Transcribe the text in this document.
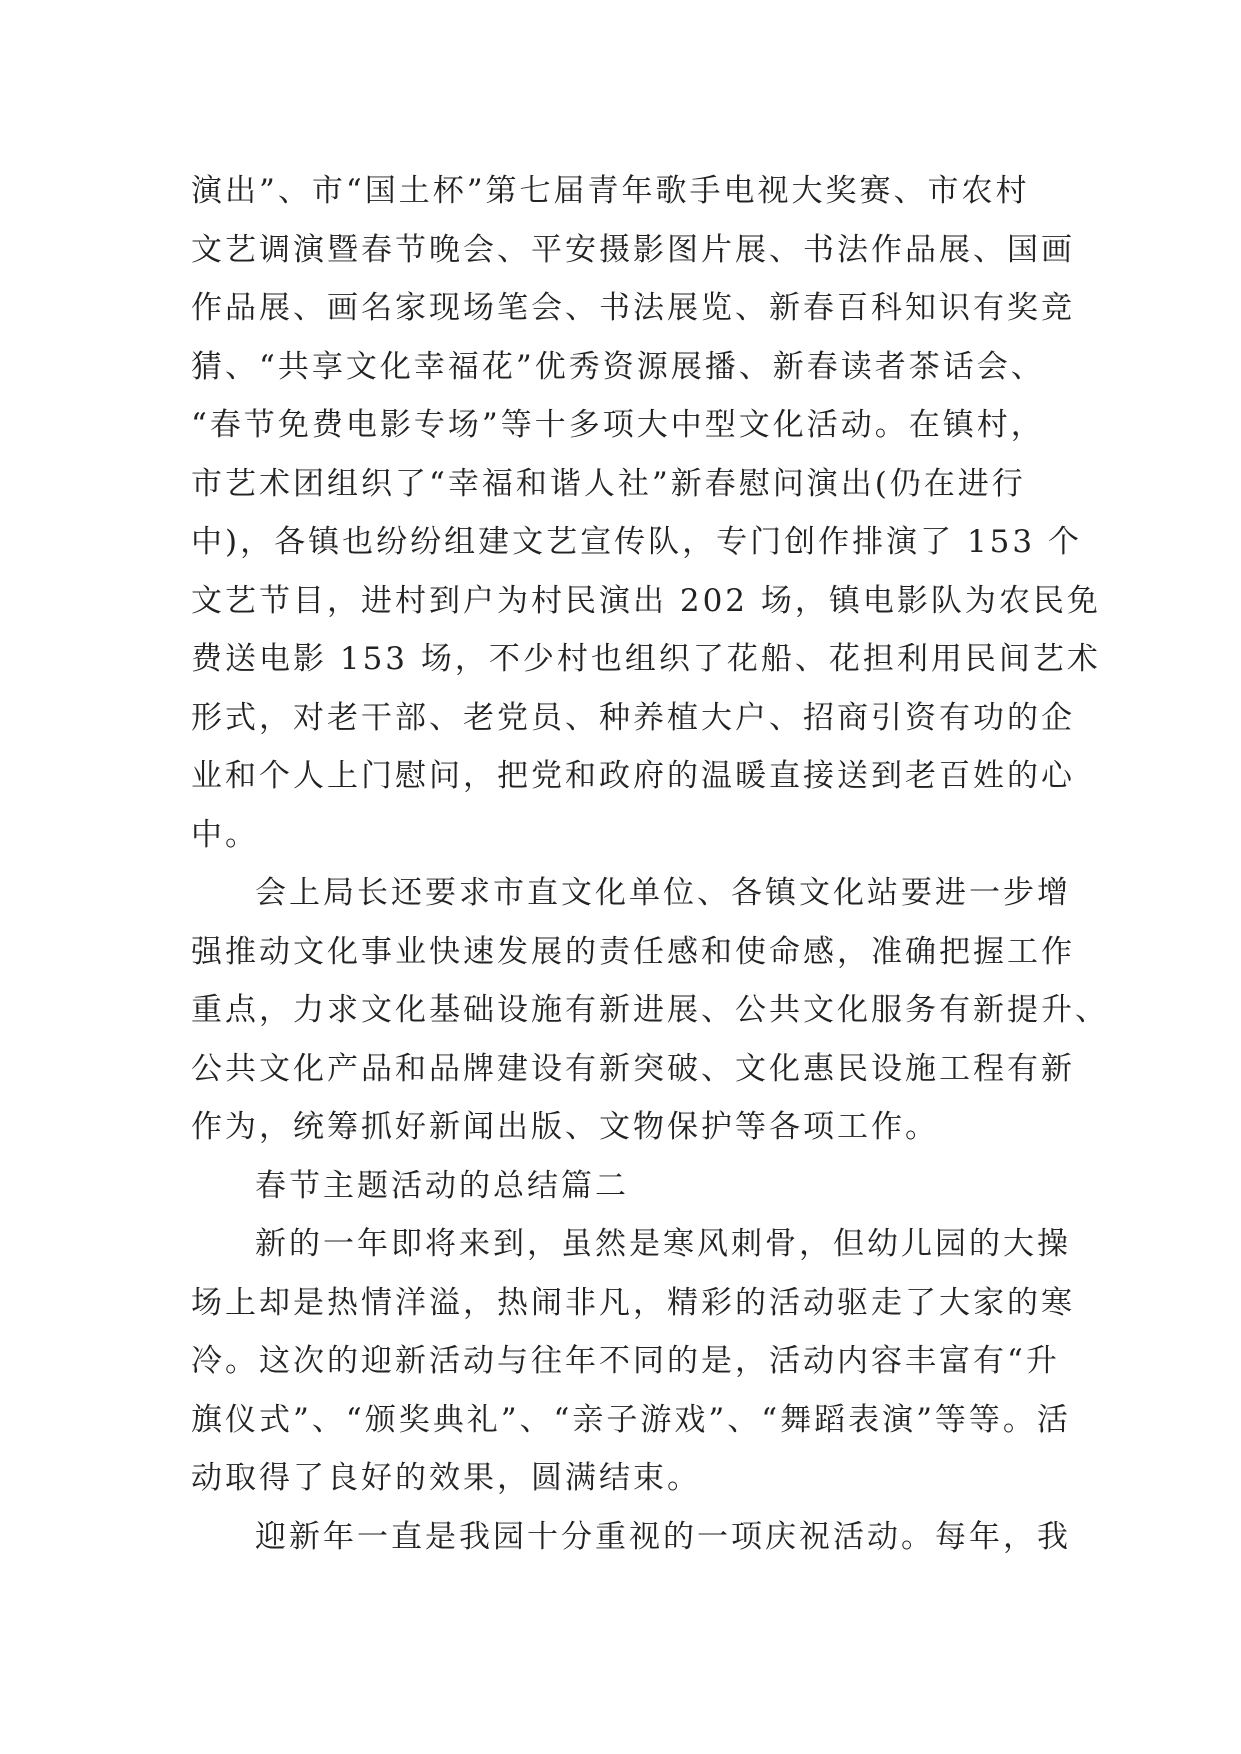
演出”、市“国土杯”第七届青年歌手电视大奖赛、市农村
文艺调演暨春节晚会、平安摄影图片展、书法作品展、国画
作品展、画名家现场笔会、书法展览、新春百科知识有奖竞
猜、“共享文化幸福花”优秀资源展播、新春读者茶话会、
“春节免费电影专场”等十多项大中型文化活动。在镇村，
市艺术团组织了“幸福和谐人社”新春慰问演出(仍在进行
中)，各镇也纷纷组建文艺宣传队，专门创作排演了 153 个
文艺节目，进村到户为村民演出 202 场，镇电影队为农民免
费送电影 153 场，不少村也组织了花船、花担利用民间艺术
形式，对老干部、老党员、种养植大户、招商引资有功的企
业和个人上门慰问，把党和政府的温暖直接送到老百姓的心
中。
会上局长还要求市直文化单位、各镇文化站要进一步增
强推动文化事业快速发展的责任感和使命感，准确把握工作
重点，力求文化基础设施有新进展、公共文化服务有新提升、
公共文化产品和品牌建设有新突破、文化惠民设施工程有新
作为，统筹抓好新闻出版、文物保护等各项工作。
春节主题活动的总结篇二
新的一年即将来到，虽然是寒风刺骨，但幼儿园的大操
场上却是热情洋溢，热闹非凡，精彩的活动驱走了大家的寒
冷。这次的迎新活动与往年不同的是，活动内容丰富有“升
旗仪式”、“颁奖典礼”、“亲子游戏”、“舞蹈表演”等等。活
动取得了良好的效果，圆满结束。
迎新年一直是我园十分重视的一项庆祝活动。每年，我
